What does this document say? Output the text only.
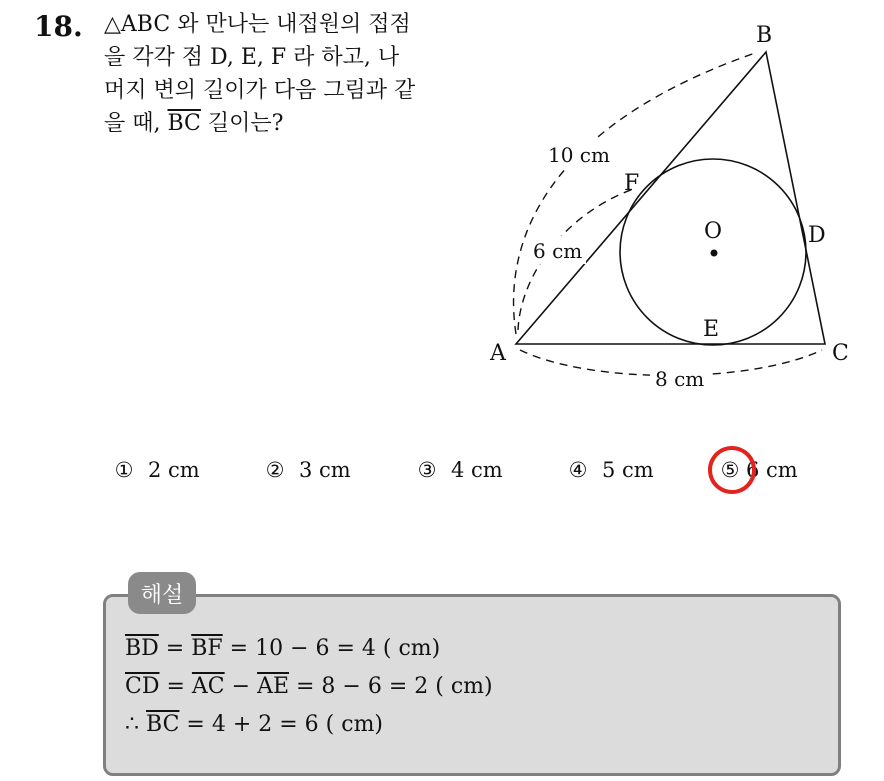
18. △ABC 와 만나는 내접원의 접점
을 각각 점 D, E, F 라 하고, 나
머지 변의 길이가 다음 그림과 같
을 때, $\overline{BC}$ 길이는?
10 cm
6 cm
8 cm
A
B
C
D
E
F
O
① 2 cm	② 3 cm	③ 4 cm	④ 5 cm	⑤ 6 cm
해설
$\overline{BD} = \overline{BF} = 10 - 6 = 4$ ( cm)
$\overline{CD} = \overline{AC} - \overline{AE} = 8 - 6 = 2$ ( cm)
∴ $\overline{BC} = 4 + 2 = 6$ ( cm)
